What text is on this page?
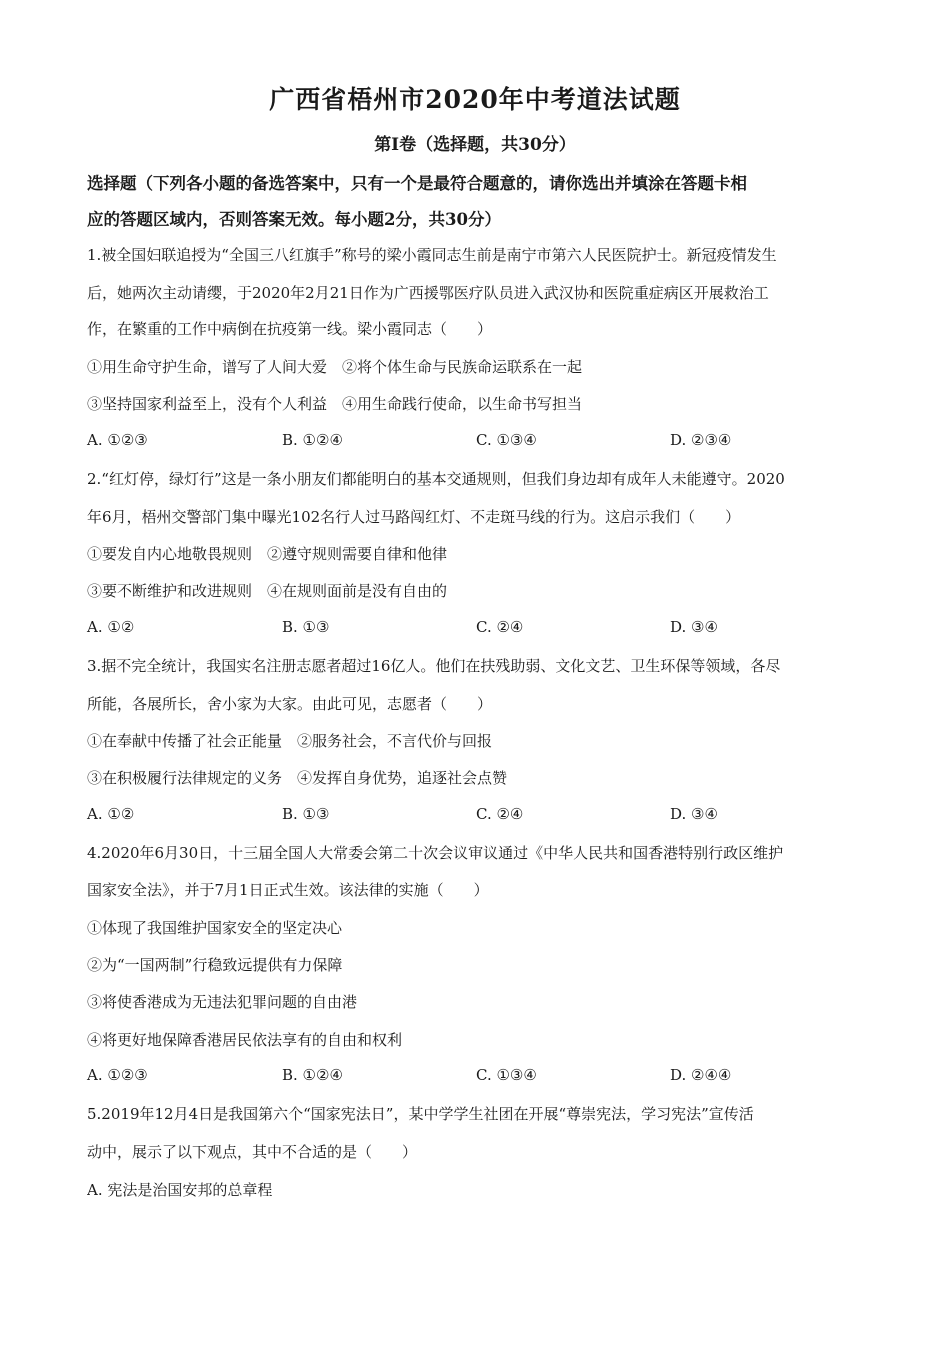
广西省梧州市2020年中考道法试题
第Ⅰ卷（选择题，共30分）
选择题（下列各小题的备选答案中，只有一个是最符合题意的，请你选出并填涂在答题卡相
应的答题区域内，否则答案无效。每小题2分，共30分）
1.被全国妇联追授为“全国三八红旗手”称号的梁小霞同志生前是南宁市第六人民医院护士。新冠疫情发生
后，她两次主动请缨，于2020年2月21日作为广西援鄂医疗队员进入武汉协和医院重症病区开展救治工
作，在繁重的工作中病倒在抗疫第一线。梁小霞同志（　　）
①用生命守护生命，谱写了人间大爱　②将个体生命与民族命运联系在一起
③坚持国家利益至上，没有个人利益　④用生命践行使命，以生命书写担当
A. ①②③	B. ①②④	C. ①③④	D. ②③④
2.“红灯停，绿灯行”这是一条小朋友们都能明白的基本交通规则，但我们身边却有成年人未能遵守。2020
年6月，梧州交警部门集中曝光102名行人过马路闯红灯、不走斑马线的行为。这启示我们（　　）
①要发自内心地敬畏规则　②遵守规则需要自律和他律
③要不断维护和改进规则　④在规则面前是没有自由的
A. ①②	B. ①③	C. ②④	D. ③④
3.据不完全统计，我国实名注册志愿者超过16亿人。他们在扶残助弱、文化文艺、卫生环保等领域，各尽
所能，各展所长，舍小家为大家。由此可见，志愿者（　　）
①在奉献中传播了社会正能量　②服务社会，不言代价与回报
③在积极履行法律规定的义务　④发挥自身优势，追逐社会点赞
A. ①②	B. ①③	C. ②④	D. ③④
4.2020年6月30日，十三届全国人大常委会第二十次会议审议通过《中华人民共和国香港特别行政区维护
国家安全法》，并于7月1日正式生效。该法律的实施（　　）
①体现了我国维护国家安全的坚定决心
②为“一国两制”行稳致远提供有力保障
③将使香港成为无违法犯罪问题的自由港
④将更好地保障香港居民依法享有的自由和权利
A. ①②③	B. ①②④	C. ①③④	D. ②④④
5.2019年12月4日是我国第六个“国家宪法日”，某中学学生社团在开展“尊崇宪法，学习宪法”宣传活
动中，展示了以下观点，其中不合适的是（　　）
A. 宪法是治国安邦的总章程
